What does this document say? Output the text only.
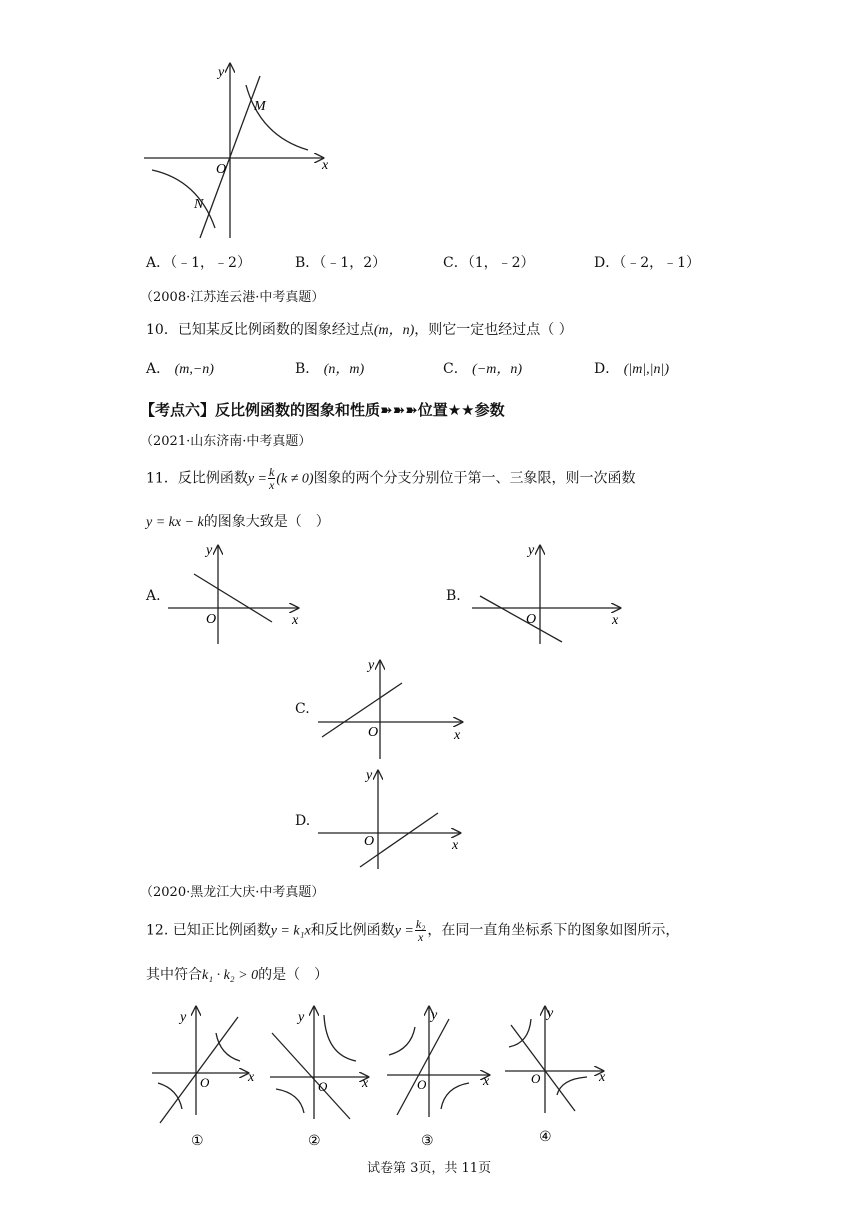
y
x
O
M
N
A．（﹣1，﹣2）	B．（﹣1，2）	C．（1，﹣2）	D．（﹣2，﹣1）
（2008·江苏连云港·中考真题）
10．已知某反比例函数的图象经过点(m，n)，则它一定也经过点（ ）
A． (m,−n)	B． (n，m)	C． (−m，n)	D． (|m|,|n|)
【考点六】反比例函数的图象和性质➽➽➽位置★★参数
（2021·山东济南·中考真题）
11．反比例函数$y = \frac{k}{x} (k \ne 0)$图象的两个分支分别位于第一、三象限，则一次函数
y = kx − k的图象大致是（　）
A.
y
x
O
B.
y
x
O
C.
y
x
O
D.
y
x
O
（2020·黑龙江大庆·中考真题）
12. 已知正比例函数y = k₁x和反比例函数$y = \frac{\text{k₂}}{x}$ ，在同一直角坐标系下的图象如图所示，
其中符合k₁ · k₂ > 0的是（　）
y
x
O
①
y
x
O
②
y
x
O
③
y
x
O
④
试卷第 3页，共 11页
